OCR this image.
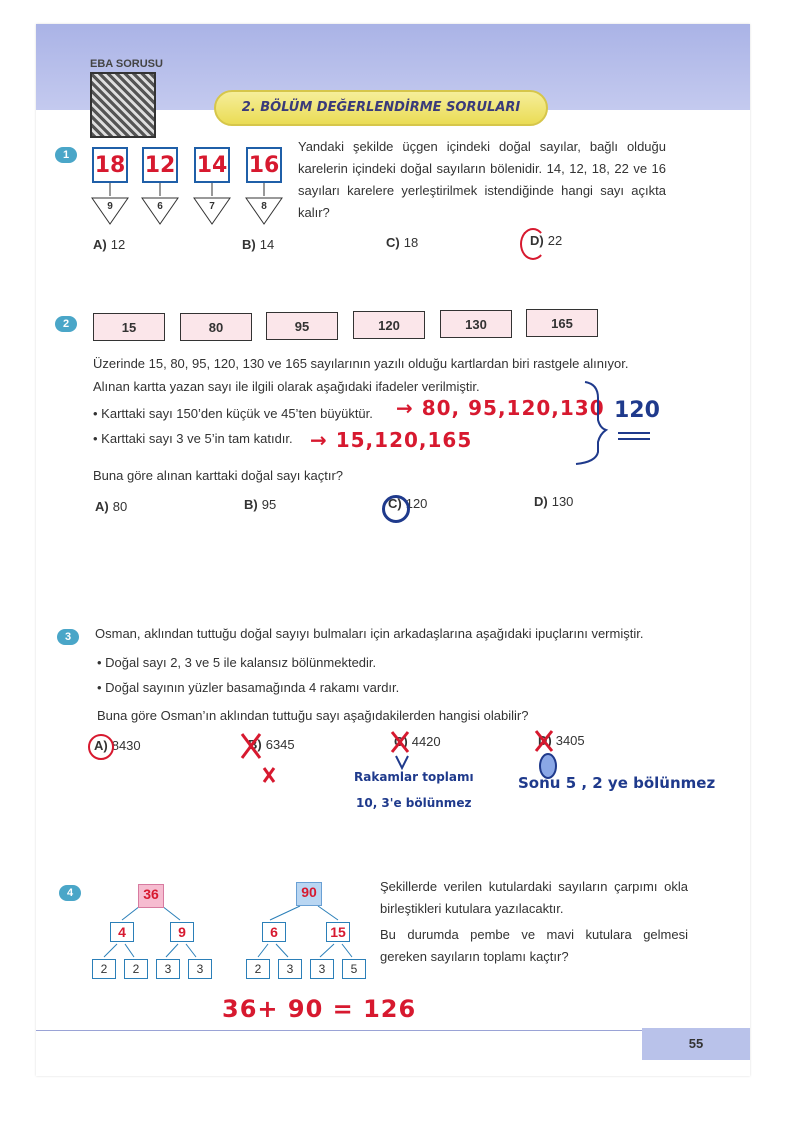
EBA SORUSU
2. BÖLÜM DEĞERLENDİRME SORULARI
1	18 12 14 16
9	6	7	8
Yandaki şekilde üçgen içindeki doğal sayılar, bağlı olduğu karelerin içindeki doğal sayıların bölenidir. 14, 12, 18, 22 ve 16 sayıları karelere yerleştirilmek istendiğinde hangi sayı açıkta kalır?
A) 12	B) 14	C) 18	D) 22
2	15	80	95	120	130	165
Üzerinde 15, 80, 95, 120, 130 ve 165 sayılarının yazılı olduğu kartlardan biri rastgele alınıyor.
Alınan kartta yazan sayı ile ilgili olarak aşağıdaki ifadeler verilmiştir.
• Karttaki sayı 150’den küçük ve 45’ten büyüktür.
• Karttaki sayı 3 ve 5’in tam katıdır.
→ 80, 95,120,130
→ 15,120,165
120
Buna göre alınan karttaki doğal sayı kaçtır?
A) 80	B) 95	C) 120	D) 130
3	Osman, aklından tuttuğu doğal sayıyı bulmaları için arkadaşlarına aşağıdaki ipuçlarını vermiştir.
• Doğal sayı 2, 3 ve 5 ile kalansız bölünmektedir.
• Doğal sayının yüzler basamağında 4 rakamı vardır.
Buna göre Osman’ın aklından tuttuğu sayı aşağıdakilerden hangisi olabilir?
A) 8430	B) 6345	C) 4420	D) 3405
Rakamlar toplamı
10, 3'e bölünmez
Sonu 5 , 2 ye bölünmez
4	36
4	9
2	2	3	3
90
6	15
2	3	3	5
Şekillerde verilen kutulardaki sayıların çarpımı okla birleştikleri kutulara yazılacaktır.
Bu durumda pembe ve mavi kutulara gelmesi gereken sayıların toplamı kaçtır?
36+ 90 = 126
55
